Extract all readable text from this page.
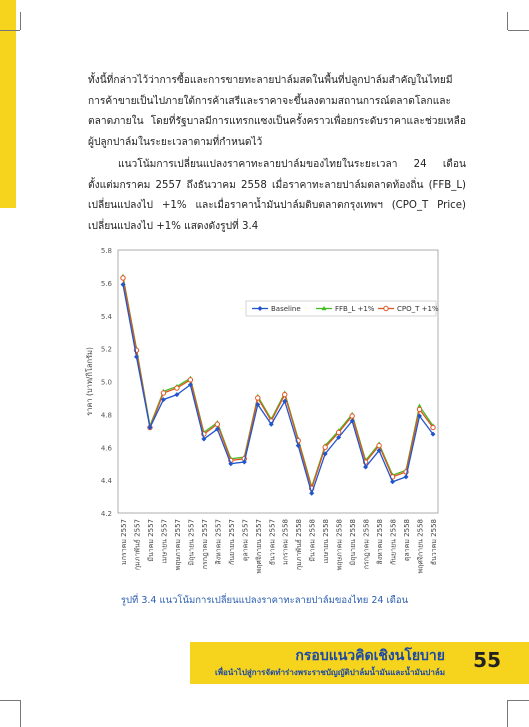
ทั้งนี้ที่กล่าวไว้ว่าการซื้อและการขายทะลายปาล์มสดในพื้นที่ปลูกปาล์มสำคัญในไทยมีการค้าขายเป็นไปภายใต้การค้าเสรีและราคาจะขึ้นลงตามสถานการณ์ตลาดโลกและตลาดภายใน โดยที่รัฐบาลมีการแทรกแซงเป็นครั้งคราวเพื่อยกระดับราคาและช่วยเหลือผู้ปลูกปาล์มในระยะเวลาตามที่กำหนดไว้

แนวโน้มการเปลี่ยนแปลงราคาทะลายปาล์มของไทยในระยะเวลา 24 เดือน ตั้งแต่มกราคม 2557 ถึงธันวาคม 2558 เมื่อราคาทะลายปาล์มตลาดท้องถิ่น (FFB_L) เปลี่ยนแปลงไป +1% และเมื่อราคาน้ำมันปาล์มดิบตลาดกรุงเทพฯ (CPO_T Price) เปลี่ยนแปลงไป +1% แสดงดังรูปที่ 3.4

4.2
4.4
4.6
4.8
5.0
5.2
5.4
5.6
5.8
ราคา (บาท/กิโลกรัม)
มกราคม 2557 กุมภาพันธ์ 2557 มีนาคม 2557 เมษายน 2557 พฤษภาคม 2557 มิถุนายน 2557 กรกฎาคม 2557 สิงหาคม 2557 กันยายน 2557 ตุลาคม 2557 พฤศจิกายน 2557 ธันวาคม 2557 มกราคม 2558 กุมภาพันธ์ 2558 มีนาคม 2558 เมษายน 2558 พฤษภาคม 2558 มิถุนายน 2558 กรกฎาคม 2558 สิงหาคม 2558 กันยายน 2558 ตุลาคม 2558 พฤศจิกายน 2558 ธันวาคม 2558
Baseline	FFB_L +1%	CPO_T +1%
รูปที่ 3.4 แนวโน้มการเปลี่ยนแปลงราคาทะลายปาล์มของไทย 24 เดือน
กรอบแนวคิดเชิงนโยบาย
เพื่อนำไปสู่การจัดทำร่างพระราชบัญญัติปาล์มน้ำมันและน้ำมันปาล์ม
55
